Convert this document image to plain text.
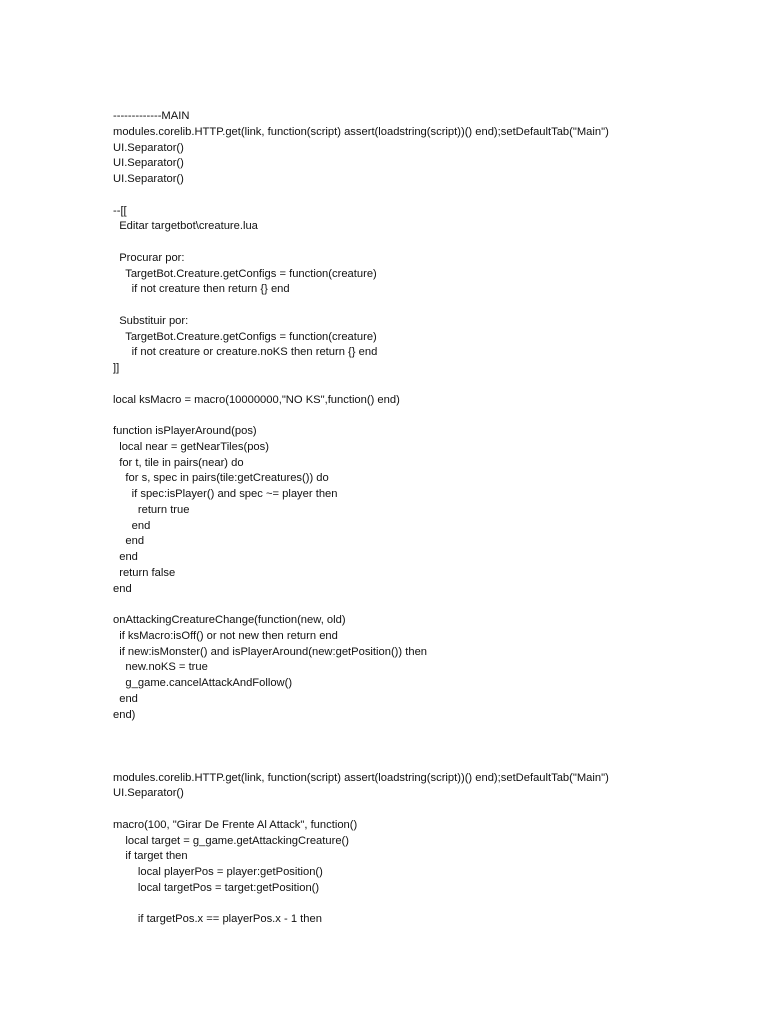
-------------MAIN
modules.corelib.HTTP.get(link, function(script) assert(loadstring(script))() end);setDefaultTab("Main")
UI.Separator()
UI.Separator()
UI.Separator()
--[[
Editar targetbot\creature.lua
Procurar por:
TargetBot.Creature.getConfigs = function(creature)
if not creature then return {} end
Substituir por:
TargetBot.Creature.getConfigs = function(creature)
if not creature or creature.noKS then return {} end
]]
local ksMacro = macro(10000000,"NO KS",function() end)
function isPlayerAround(pos)
local near = getNearTiles(pos)
for t, tile in pairs(near) do
for s, spec in pairs(tile:getCreatures()) do
if spec:isPlayer() and spec ~= player then
return true
end
end
end
return false
end
onAttackingCreatureChange(function(new, old)
if ksMacro:isOff() or not new then return end
if new:isMonster() and isPlayerAround(new:getPosition()) then
new.noKS = true
g_game.cancelAttackAndFollow()
end
end)
modules.corelib.HTTP.get(link, function(script) assert(loadstring(script))() end);setDefaultTab("Main")
UI.Separator()
macro(100, "Girar De Frente Al Attack", function()
local target = g_game.getAttackingCreature()
if target then
local playerPos = player:getPosition()
local targetPos = target:getPosition()
if targetPos.x == playerPos.x - 1 then
